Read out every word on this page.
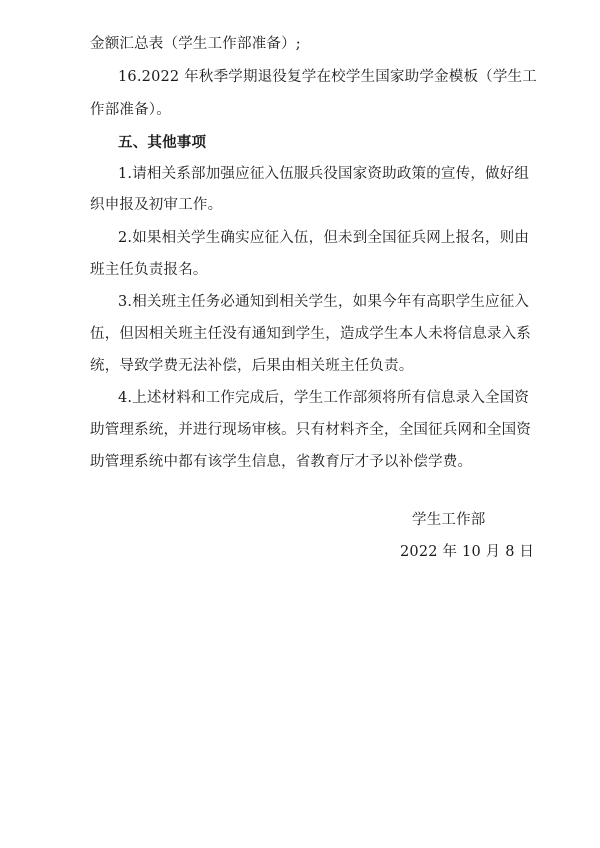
金额汇总表（学生工作部准备）;
16.2022 年秋季学期退役复学在校学生国家助学金模板（学生工
作部准备）。
五、其他事项
1.请相关系部加强应征入伍服兵役国家资助政策的宣传，做好组
织申报及初审工作。
2.如果相关学生确实应征入伍，但未到全国征兵网上报名，则由
班主任负责报名。
3.相关班主任务必通知到相关学生，如果今年有高职学生应征入
伍，但因相关班主任没有通知到学生，造成学生本人未将信息录入系
统，导致学费无法补偿，后果由相关班主任负责。
4.上述材料和工作完成后，学生工作部须将所有信息录入全国资
助管理系统，并进行现场审核。只有材料齐全，全国征兵网和全国资
助管理系统中都有该学生信息，省教育厅才予以补偿学费。
学生工作部
2022 年 10 月 8 日
